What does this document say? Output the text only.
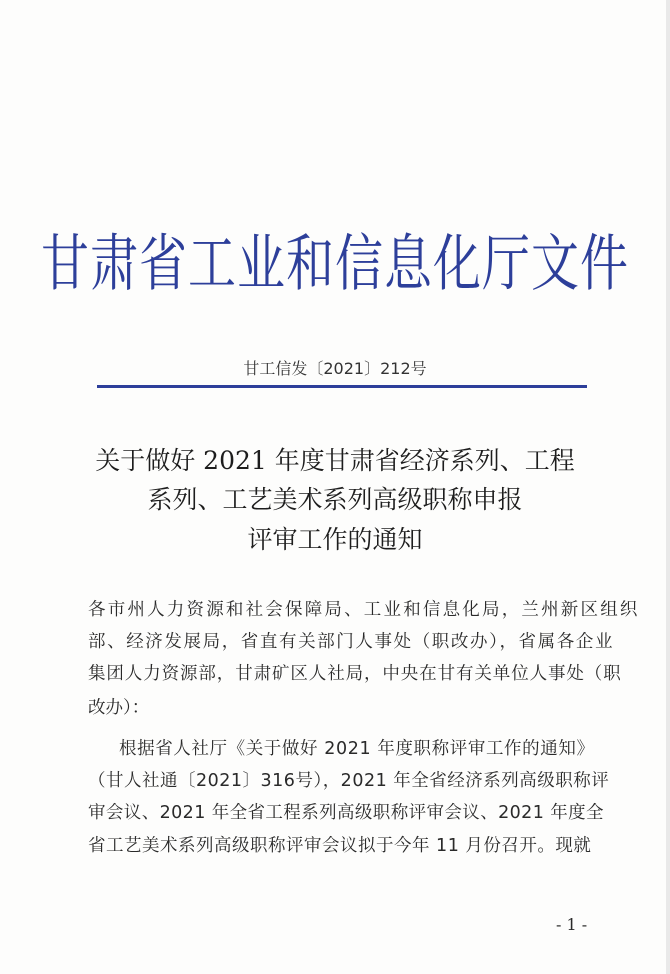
甘肃省工业和信息化厅文件
甘工信发〔2021〕212号
关于做好 2021 年度甘肃省经济系列、工程
系列、工艺美术系列高级职称申报
评审工作的通知
各市州人力资源和社会保障局、工业和信息化局，兰州新区组织
部、经济发展局，省直有关部门人事处（职改办），省属各企业
集团人力资源部，甘肃矿区人社局，中央在甘有关单位人事处（职
改办）：
根据省人社厅《关于做好 2021 年度职称评审工作的通知》
（甘人社通〔2021〕316号），2021 年全省经济系列高级职称评
审会议、2021 年全省工程系列高级职称评审会议、2021 年度全
省工艺美术系列高级职称评审会议拟于今年 11 月份召开。现就
- 1 -
